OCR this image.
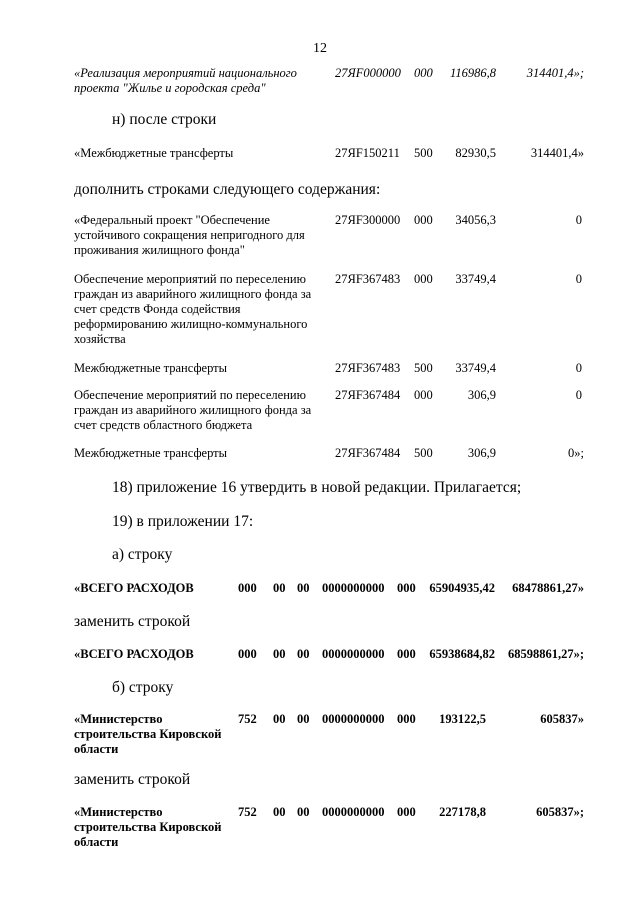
12
«Реализация мероприятий национального
проекта "Жилье и городская среда"
27ЯF000000 000	116986,8	314401,4»;
н) после строки
«Межбюджетные трансферты	27ЯF150211 500	82930,5	314401,4»
дополнить строками следующего содержания:
«Федеральный проект "Обеспечение
устойчивого сокращения непригодного для
проживания жилищного фонда"
27ЯF300000 000	34056,3	0
Обеспечение мероприятий по переселению
граждан из аварийного жилищного фонда за
счет средств Фонда содействия
реформированию жилищно-коммунального
хозяйства
27ЯF367483 000	33749,4	0
Межбюджетные трансферты	27ЯF367483 500	33749,4	0
Обеспечение мероприятий по переселению
граждан из аварийного жилищного фонда за
счет средств областного бюджета
27ЯF367484 000	306,9	0
Межбюджетные трансферты	27ЯF367484 500	306,9	0»;
18) приложение 16 утвердить в новой редакции. Прилагается;
19) в приложении 17:
а) строку
«ВСЕГО РАСХОДОВ	000 00 00 0000000000 000	65904935,42	68478861,27»
заменить строкой
«ВСЕГО РАСХОДОВ	000 00 00 0000000000 000	65938684,82	68598861,27»;
б) строку
«Министерство
строительства Кировской
области
752 00 00 0000000000 000	193122,5	605837»
заменить строкой
«Министерство
строительства Кировской
области
752 00 00 0000000000 000	227178,8	605837»;
